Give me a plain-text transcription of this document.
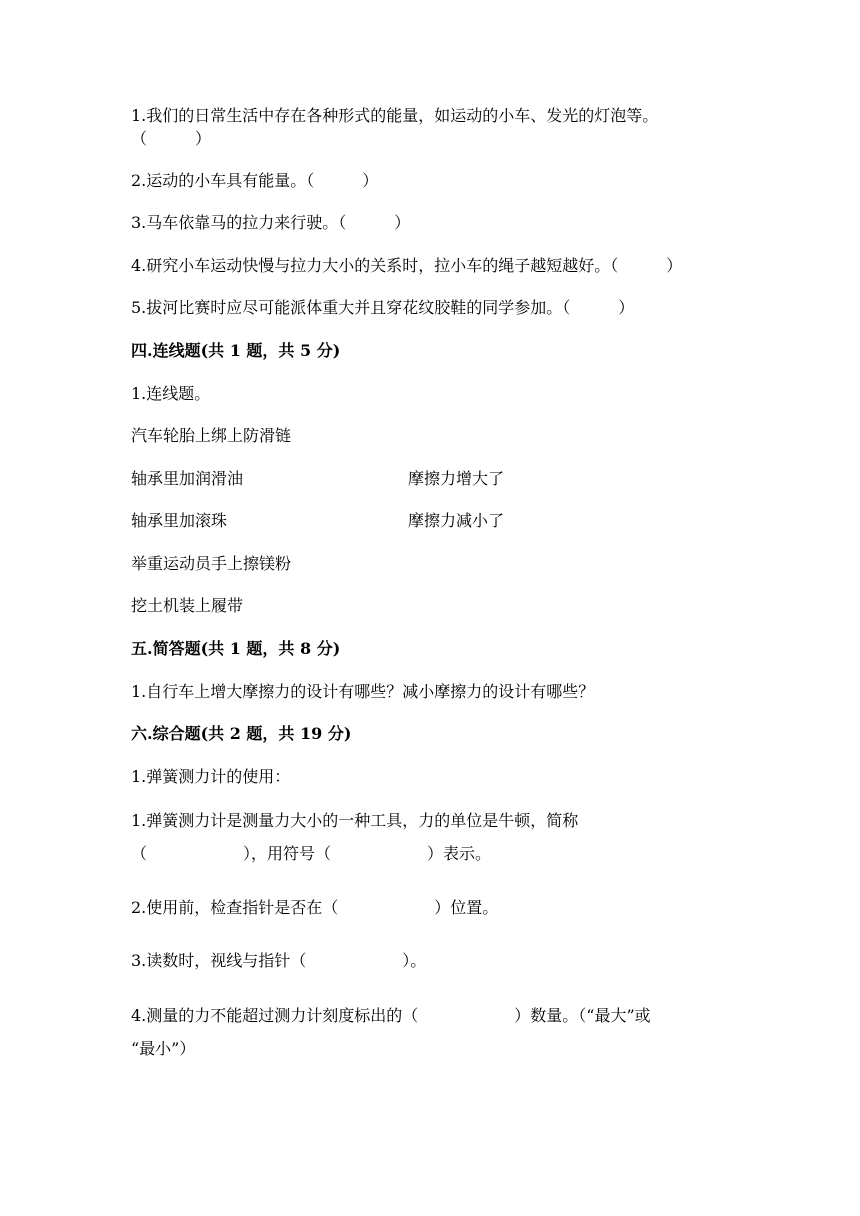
1.我们的日常生活中存在各种形式的能量，如运动的小车、发光的灯泡等。
（　　　）
2.运动的小车具有能量。（　　　）
3.马车依靠马的拉力来行驶。（　　　）
4.研究小车运动快慢与拉力大小的关系时，拉小车的绳子越短越好。（　　　）
5.拔河比赛时应尽可能派体重大并且穿花纹胶鞋的同学参加。（　　　）
四.连线题(共 1 题，共 5 分)
1.连线题。
汽车轮胎上绑上防滑链
轴承里加润滑油	摩擦力增大了
轴承里加滚珠	摩擦力减小了
举重运动员手上擦镁粉
挖土机装上履带
五.简答题(共 1 题，共 8 分)
1.自行车上增大摩擦力的设计有哪些？减小摩擦力的设计有哪些？
六.综合题(共 2 题，共 19 分)
1.弹簧测力计的使用：
1.弹簧测力计是测量力大小的一种工具，力的单位是牛顿，简称
（　　　　　　），用符号（　　　　　　）表示。
2.使用前，检查指针是否在（　　　　　　）位置。
3.读数时，视线与指针（　　　　　　）。
4.测量的力不能超过测力计刻度标出的（　　　　　　）数量。（“最大”或
“最小”）
